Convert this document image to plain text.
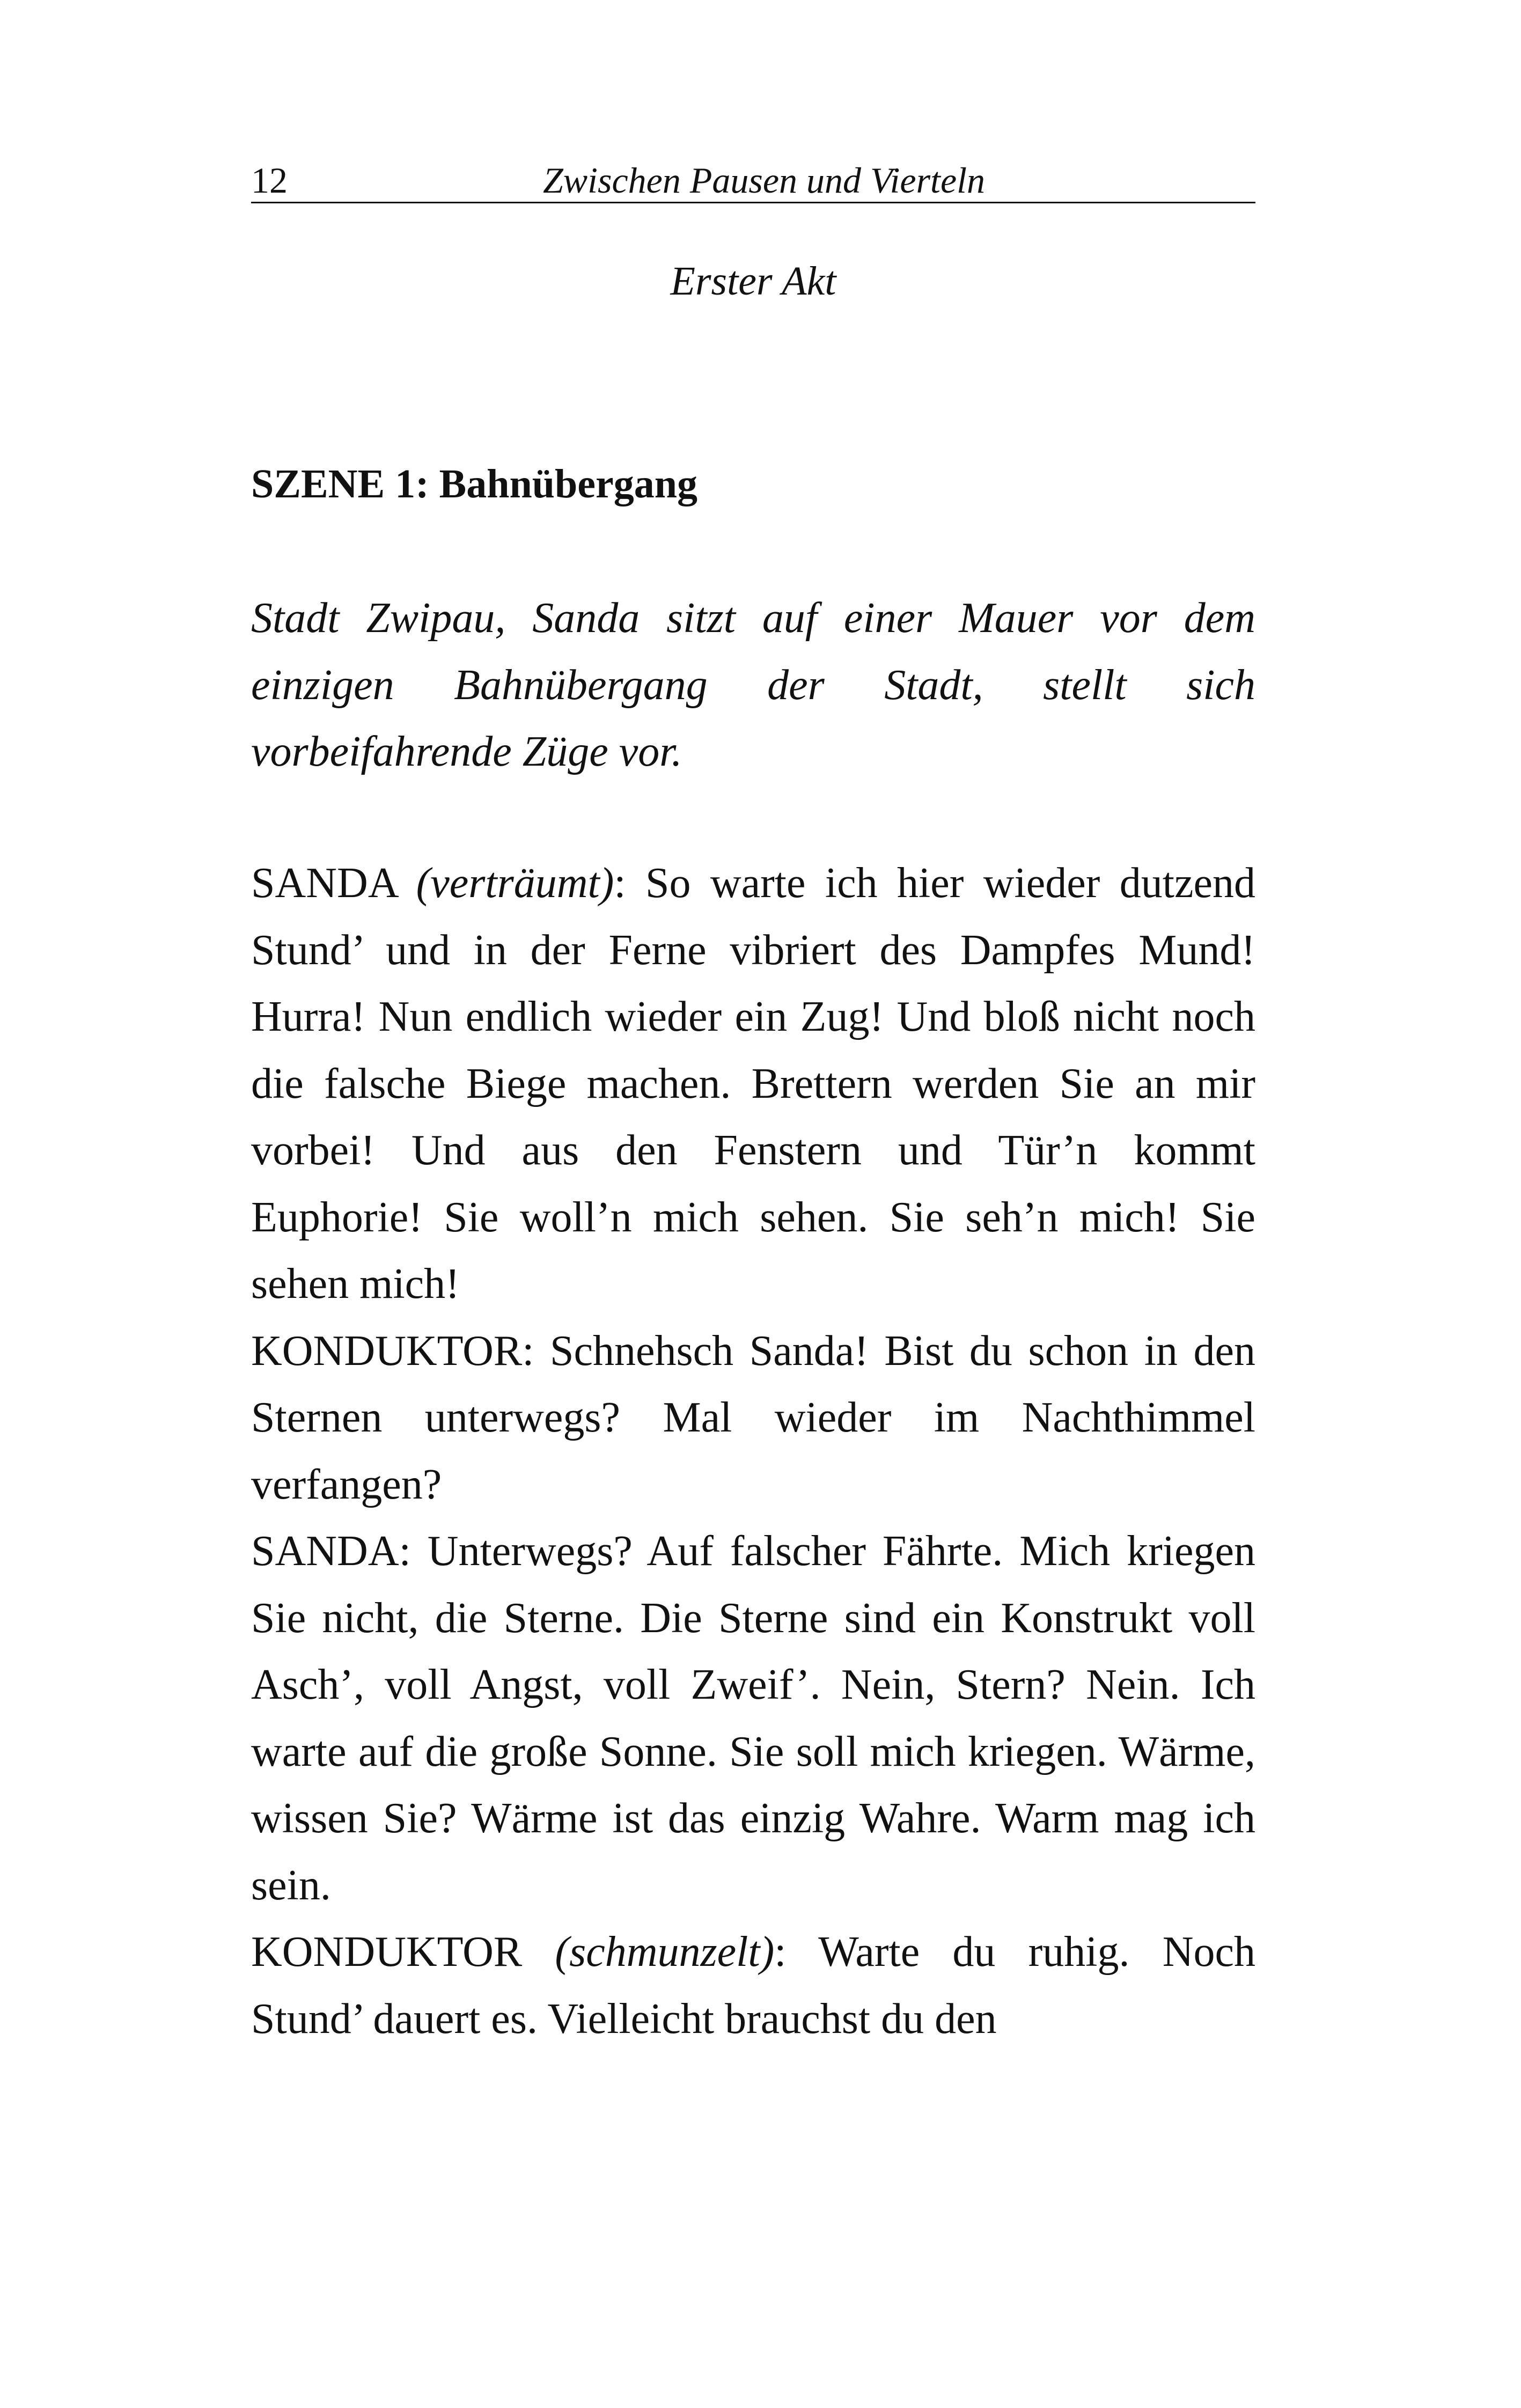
12	Zwischen Pausen und Vierteln
Erster Akt
SZENE 1: Bahnübergang
Stadt Zwipau, Sanda sitzt auf einer Mauer vor dem einzigen Bahnübergang der Stadt, stellt sich vorbeifahrende Züge vor.

SANDA (verträumt): So warte ich hier wieder dutzend Stund’ und in der Ferne vibriert des Dampfes Mund! Hurra! Nun endlich wieder ein Zug! Und bloß nicht noch die falsche Biege machen. Brettern werden Sie an mir vorbei! Und aus den Fenstern und Tür’n kommt Euphorie! Sie woll’n mich sehen. Sie seh’n mich! Sie sehen mich!

KONDUKTOR: Schnehsch Sanda! Bist du schon in den Sternen unterwegs? Mal wieder im Nachthimmel verfangen?

SANDA: Unterwegs? Auf falscher Fährte. Mich kriegen Sie nicht, die Sterne. Die Sterne sind ein Konstrukt voll Asch’, voll Angst, voll Zweif’. Nein, Stern? Nein. Ich warte auf die große Sonne. Sie soll mich kriegen. Wärme, wissen Sie? Wärme ist das einzig Wahre. Warm mag ich sein.

KONDUKTOR (schmunzelt): Warte du ruhig. Noch Stund’ dauert es. Vielleicht brauchst du den
